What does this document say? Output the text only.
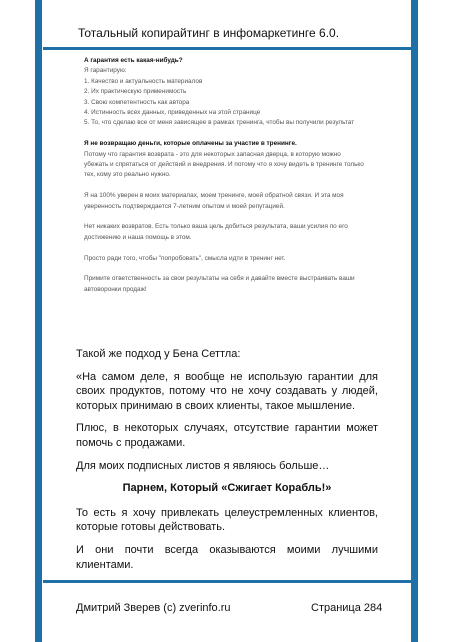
Тотальный копирайтинг в инфомаркетинге 6.0.

А гарантия есть какая-нибудь?

Я гарантирую:

1. Качество и актуальность материалов

2. Их практическую применимость

3. Свою компетентность как автора

4. Истинность всех данных, приведенных на этой странице

5. То, что сделаю все от меня зависящее в рамках тренинга, чтобы вы получили результат

Я не возвращаю деньги, которые оплачены за участие в тренинге.

Потому что гарантия возврата - это для некоторых запасная дверца, в которую можно убежать и спрятаться от действий и внедрения. И потому что я хочу видеть в тренинге только тех, кому это реально нужно.

Я на 100% уверен в моих материалах, моем тренинге, моей обратной связи. И эта моя уверенность подтверждается 7-летним опытом и моей репутацией.

Нет никаких возвратов. Есть только ваша цель добиться результата, ваши усилия по его достижению и наша помощь в этом.

Просто ради того, чтобы "попробовать", смысла идти в тренинг нет.

Примите ответственность за свои результаты на себя и давайте вместе выстраивать ваши автоворонки продаж!

Такой же подход у Бена Сеттла:

«На самом деле, я вообще не использую гарантии для своих продуктов, потому что не хочу создавать у людей, которых принимаю в своих клиенты, такое мышление.

Плюс, в некоторых случаях, отсутствие гарантии может помочь с продажами.

Для моих подписных листов я являюсь больше…

Парнем, Который «Сжигает Корабль!»

То есть я хочу привлекать целеустремленных клиентов, которые готовы действовать.

И они почти всегда оказываются моими лучшими клиентами.

Дмитрий Зверев (с) zverinfo.ru	Страница 284
